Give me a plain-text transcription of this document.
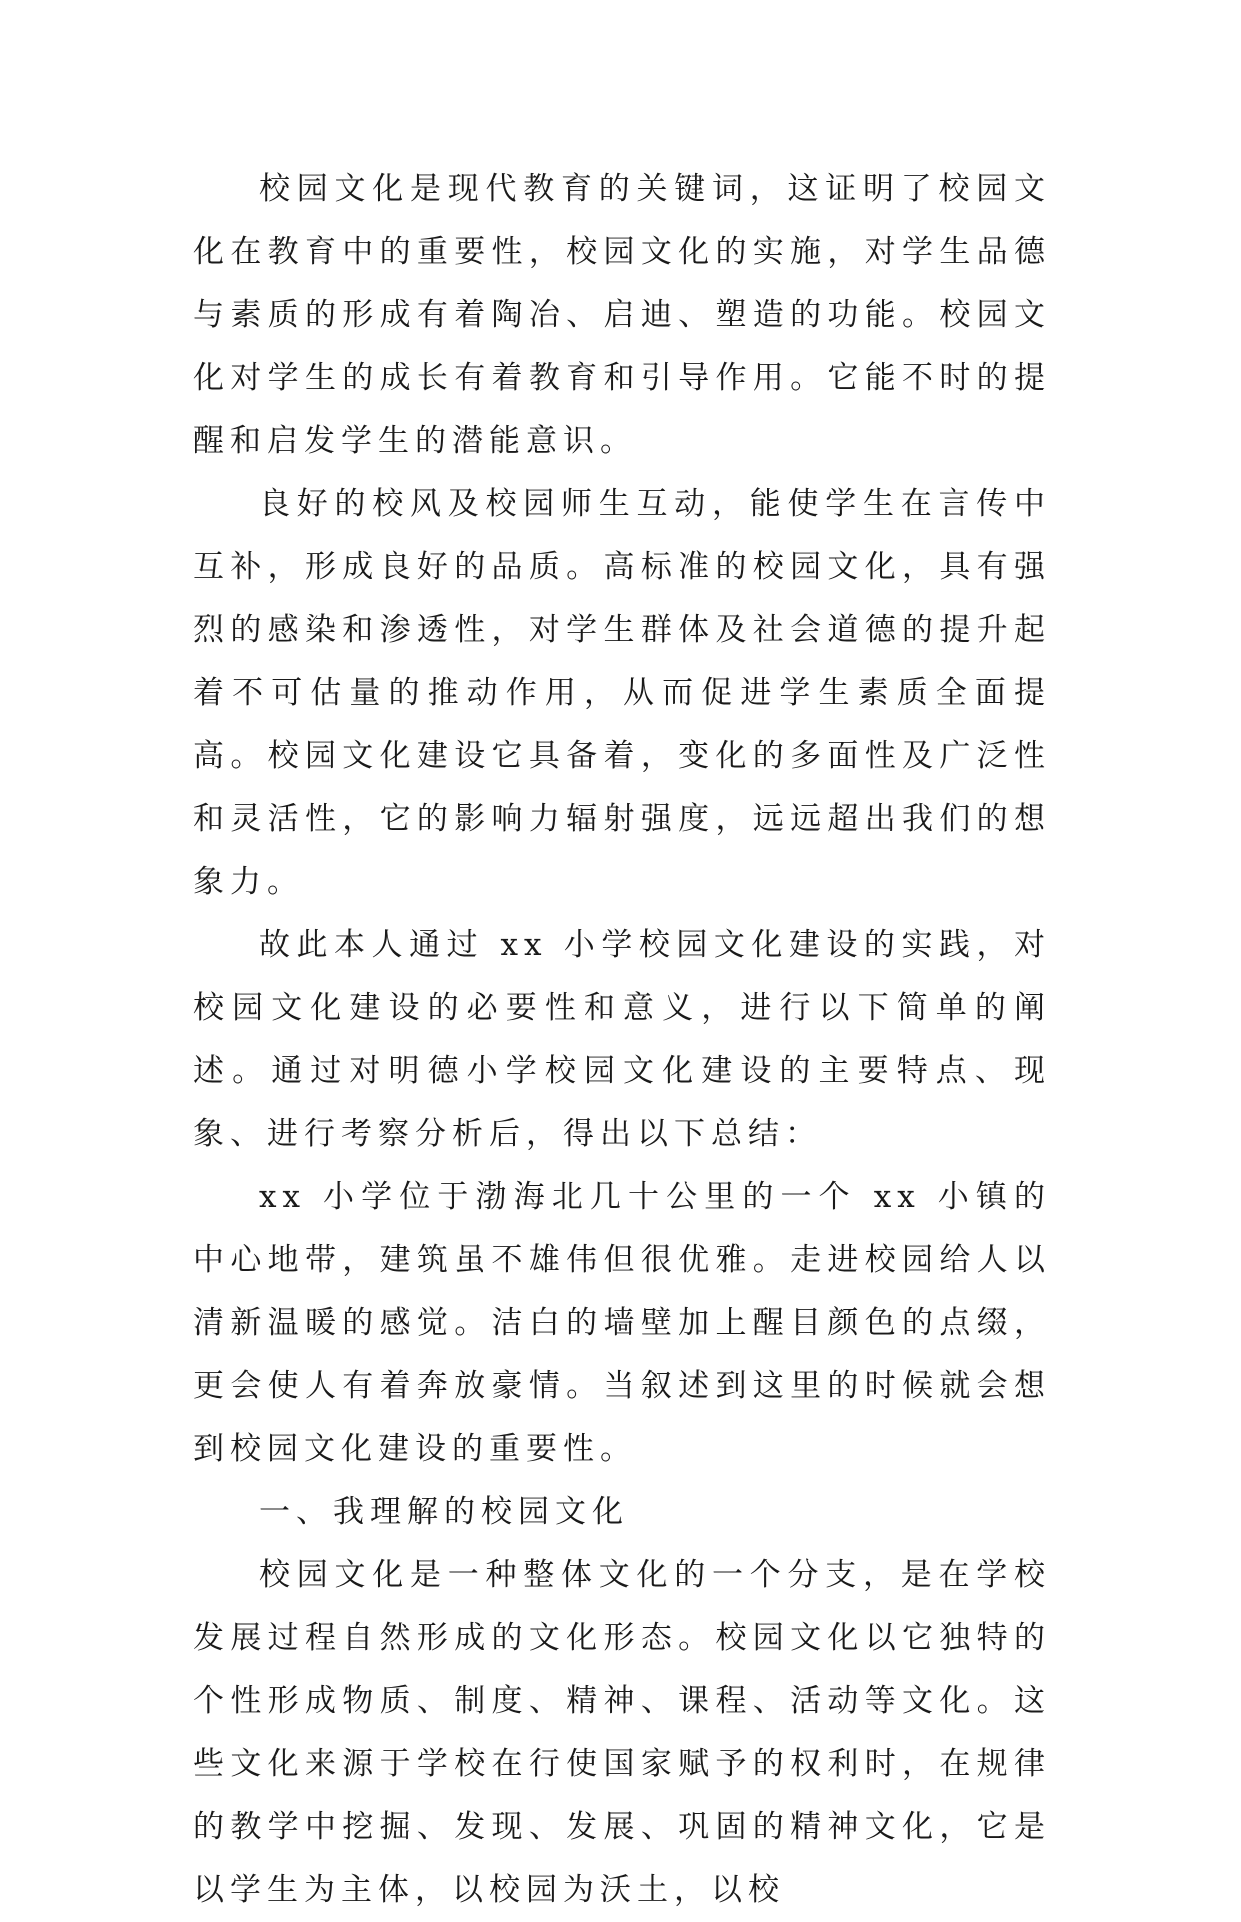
校园文化是现代教育的关键词，这证明了校园文化在教育中的重要性，校园文化的实施，对学生品德与素质的形成有着陶冶、启迪、塑造的功能。校园文化对学生的成长有着教育和引导作用。它能不时的提醒和启发学生的潜能意识。

良好的校风及校园师生互动，能使学生在言传中互补，形成良好的品质。高标准的校园文化，具有强烈的感染和渗透性，对学生群体及社会道德的提升起着不可估量的推动作用，从而促进学生素质全面提高。校园文化建设它具备着，变化的多面性及广泛性和灵活性，它的影响力辐射强度，远远超出我们的想象力。

故此本人通过 xx 小学校园文化建设的实践，对校园文化建设的必要性和意义，进行以下简单的阐述。通过对明德小学校园文化建设的主要特点、现象、进行考察分析后，得出以下总结：

xx 小学位于渤海北几十公里的一个 xx 小镇的中心地带，建筑虽不雄伟但很优雅。走进校园给人以清新温暖的感觉。洁白的墙壁加上醒目颜色的点缀，更会使人有着奔放豪情。当叙述到这里的时候就会想到校园文化建设的重要性。

一、我理解的校园文化

校园文化是一种整体文化的一个分支，是在学校发展过程自然形成的文化形态。校园文化以它独特的个性形成物质、制度、精神、课程、活动等文化。这些文化来源于学校在行使国家赋予的权利时，在规律的教学中挖掘、发现、发展、巩固的精神文化，它是以学生为主体，以校园为沃土，以校
